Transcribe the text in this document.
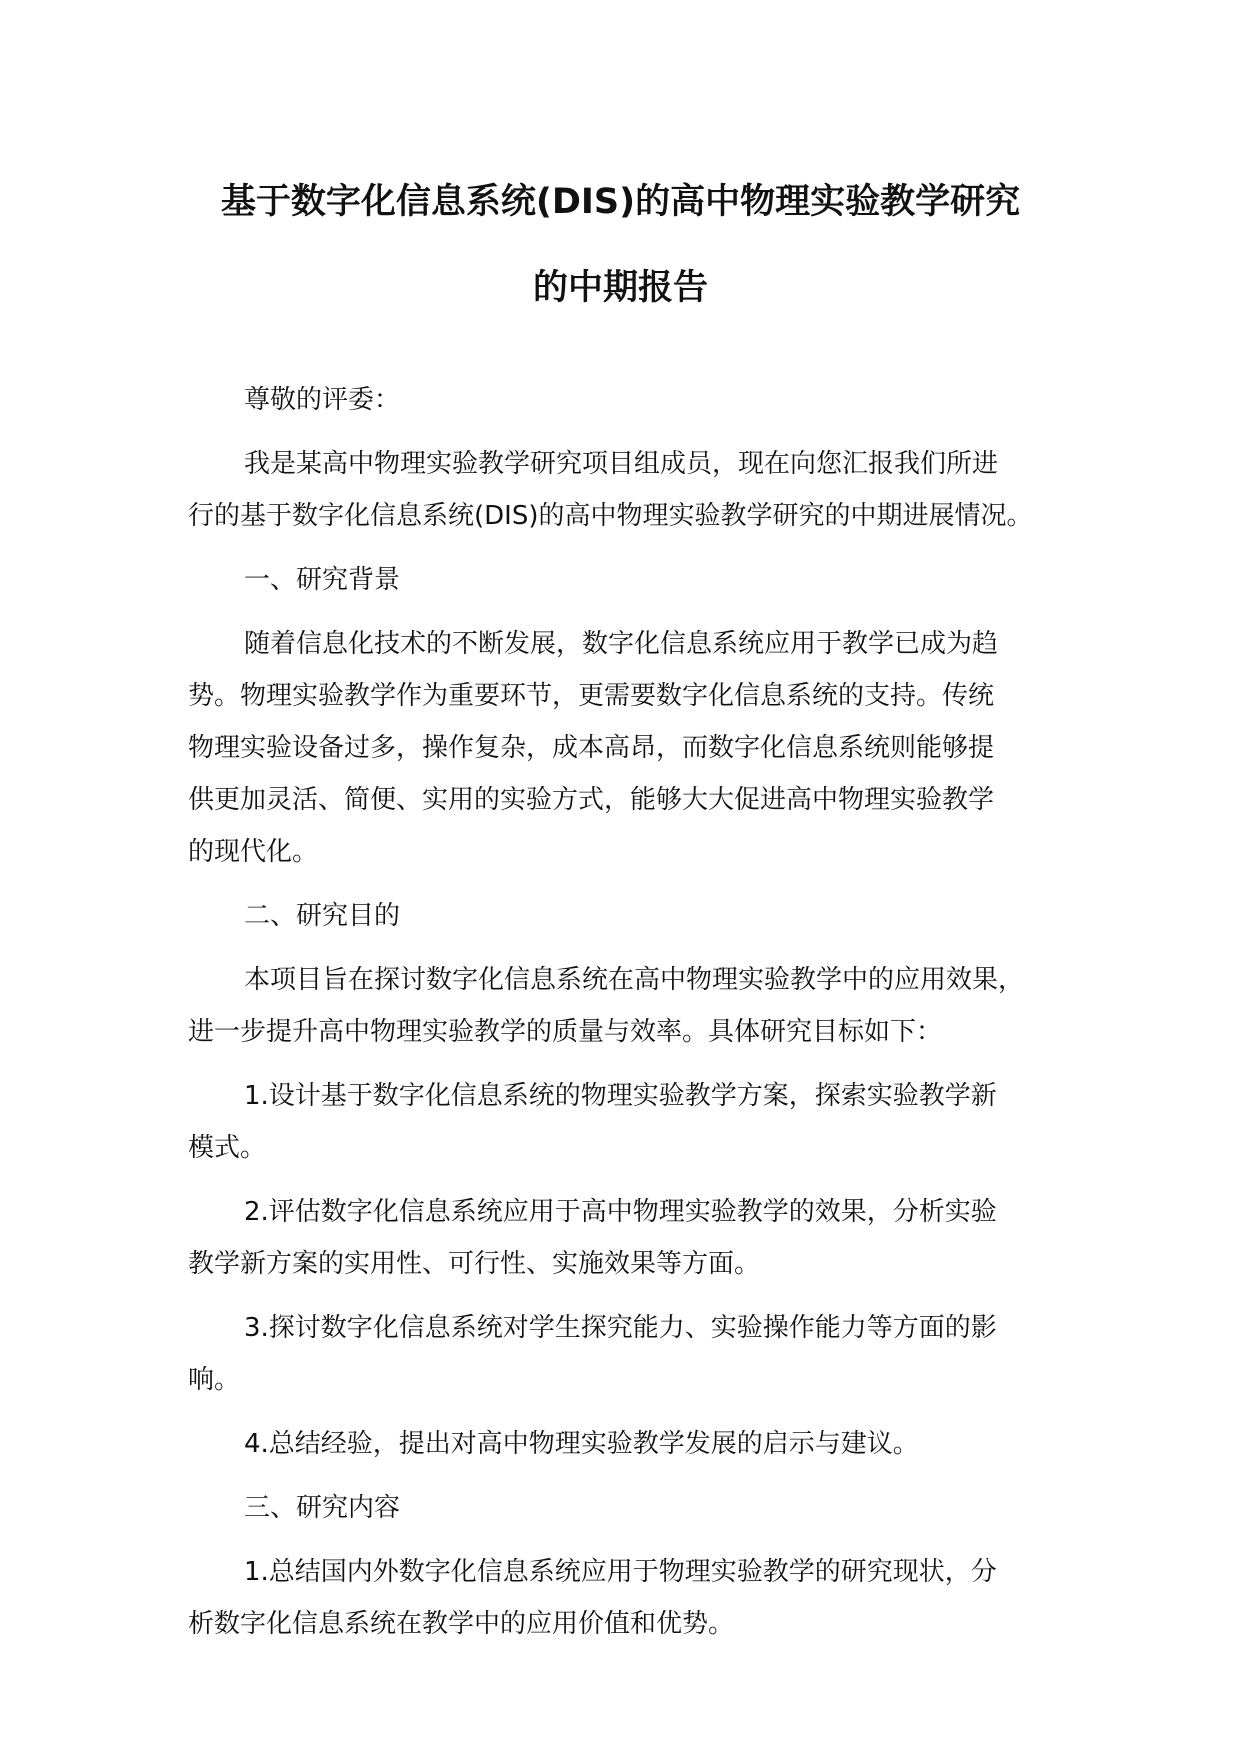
基于数字化信息系统(DIS)的高中物理实验教学研究
的中期报告

尊敬的评委：

我是某高中物理实验教学研究项目组成员，现在向您汇报我们所进
行的基于数字化信息系统(DIS)的高中物理实验教学研究的中期进展情况。

一、研究背景

随着信息化技术的不断发展，数字化信息系统应用于教学已成为趋
势。物理实验教学作为重要环节，更需要数字化信息系统的支持。传统
物理实验设备过多，操作复杂，成本高昂，而数字化信息系统则能够提
供更加灵活、简便、实用的实验方式，能够大大促进高中物理实验教学
的现代化。

二、研究目的

本项目旨在探讨数字化信息系统在高中物理实验教学中的应用效果，
进一步提升高中物理实验教学的质量与效率。具体研究目标如下：

1.设计基于数字化信息系统的物理实验教学方案，探索实验教学新
模式。

2.评估数字化信息系统应用于高中物理实验教学的效果，分析实验
教学新方案的实用性、可行性、实施效果等方面。

3.探讨数字化信息系统对学生探究能力、实验操作能力等方面的影
响。

4.总结经验，提出对高中物理实验教学发展的启示与建议。

三、研究内容

1.总结国内外数字化信息系统应用于物理实验教学的研究现状，分
析数字化信息系统在教学中的应用价值和优势。
